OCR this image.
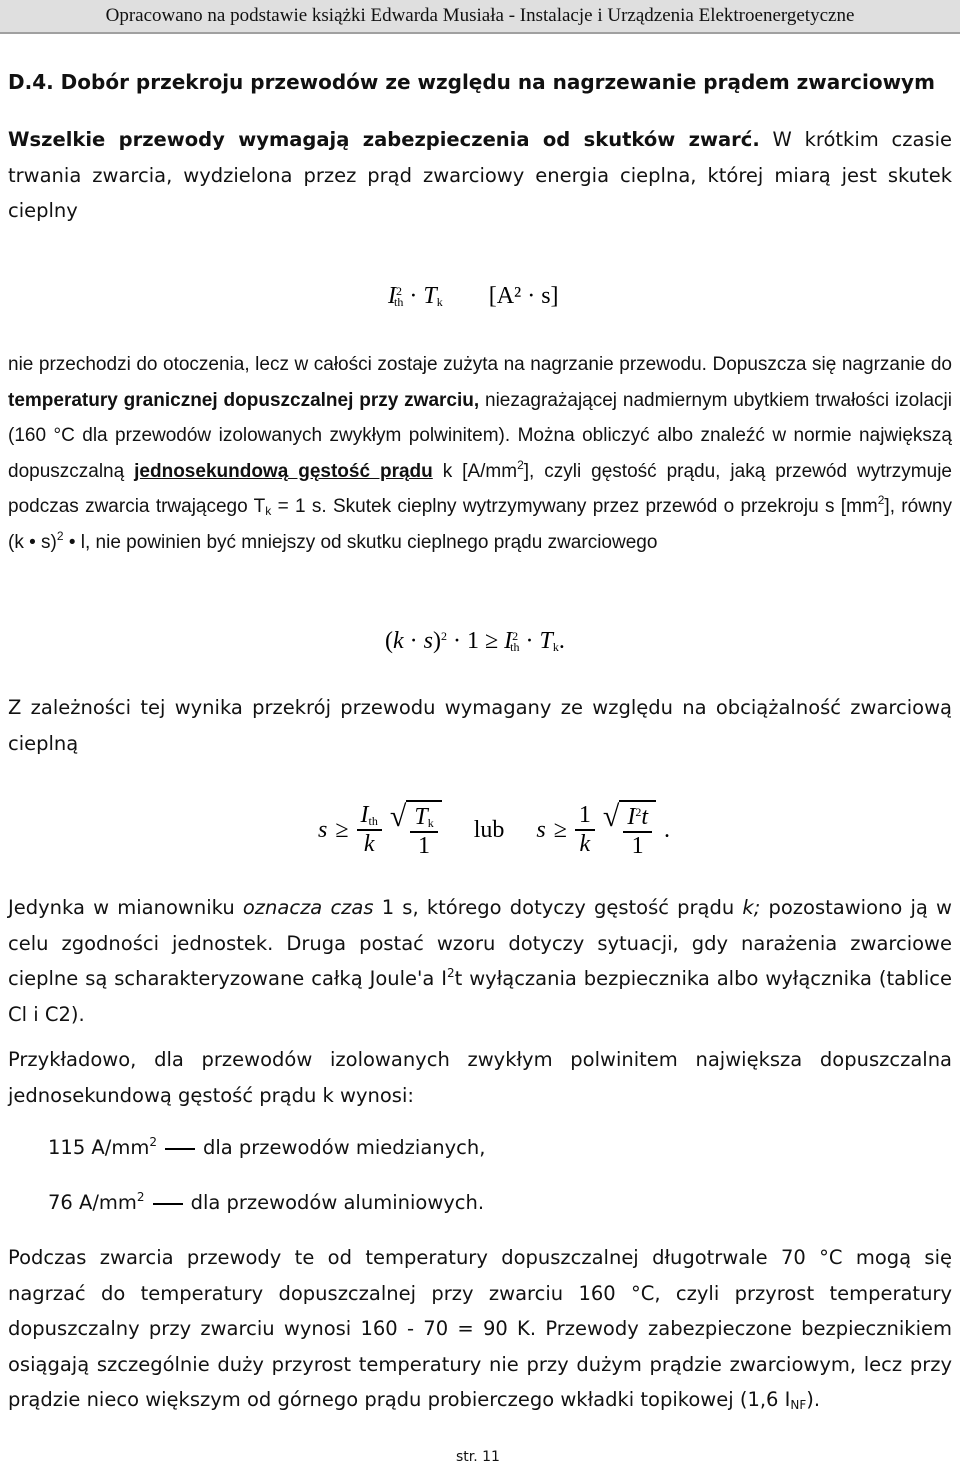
Opracowano na podstawie książki Edwarda Musiała - Instalacje i Urządzenia Elektroenergetyczne

D.4. Dobór przekroju przewodów ze względu na nagrzewanie prądem zwarciowym

Wszelkie przewody wymagają zabezpieczenia od skutków zwarć. W krótkim czasie trwania zwarcia, wydzielona przez prąd zwarciowy energia cieplna, której miarą jest skutek cieplny

$I^2_{th} \cdot T_k$ [A² · s]

nie przechodzi do otoczenia, lecz w całości zostaje zużyta na nagrzanie przewodu. Dopuszcza się nagrzanie do temperatury granicznej dopuszczalnej przy zwarciu, niezagrażającej nadmiernym ubytkiem trwałości izolacji (160 °C dla przewodów izolowanych zwykłym polwinitem). Można obliczyć albo znaleźć w normie największą dopuszczalną jednosekundową gęstość prądu k $[A/mm^2]$, czyli gęstość prądu, jaką przewód wytrzymuje podczas zwarcia trwającego $T_k = 1$ s. Skutek cieplny wytrzymywany przez przewód o przekroju s $[mm^2]$, równy (k • s)$^2$ • l, nie powinien być mniejszy od skutku cieplnego prądu zwarciowego

$(k \cdot s)^2 \cdot 1 \ge I^2_{th} \cdot T_k$.

Z zależności tej wynika przekrój przewodu wymagany ze względu na obciążalność zwarciową cieplną

$s \ge \frac{I_{th}}{k}$ √ $\frac{T_k}{1}$ lub $s \ge \frac{1}{k}$ √ $\frac{I^2t}{1}$ .

Jedynka w mianowniku oznacza czas 1 s, którego dotyczy gęstość prądu k; pozostawiono ją w celu zgodności jednostek. Druga postać wzoru dotyczy sytuacji, gdy narażenia zwarciowe cieplne są scharakteryzowane całką Joule'a $I^2t$ wyłączania bezpiecznika albo wyłącznika (tablice Cl i C2).

Przykładowo, dla przewodów izolowanych zwykłym polwinitem największa dopuszczalna jednosekundową gęstość prądu k wynosi:

115 $A/mm^2$ dla przewodów miedzianych,
76 $A/mm^2$ dla przewodów aluminiowych.

Podczas zwarcia przewody te od temperatury dopuszczalnej długotrwale 70 °C mogą się nagrzać do temperatury dopuszczalnej przy zwarciu 160 °C, czyli przyrost temperatury dopuszczalny przy zwarciu wynosi 160 - 70 = 90 K. Przewody zabezpieczone bezpiecznikiem osiągają szczególnie duży przyrost temperatury nie przy dużym prądzie zwarciowym, lecz przy prądzie nieco większym od górnego prądu probierczego wkładki topikowej (1,6 $I_{NF}$).

str. 11
